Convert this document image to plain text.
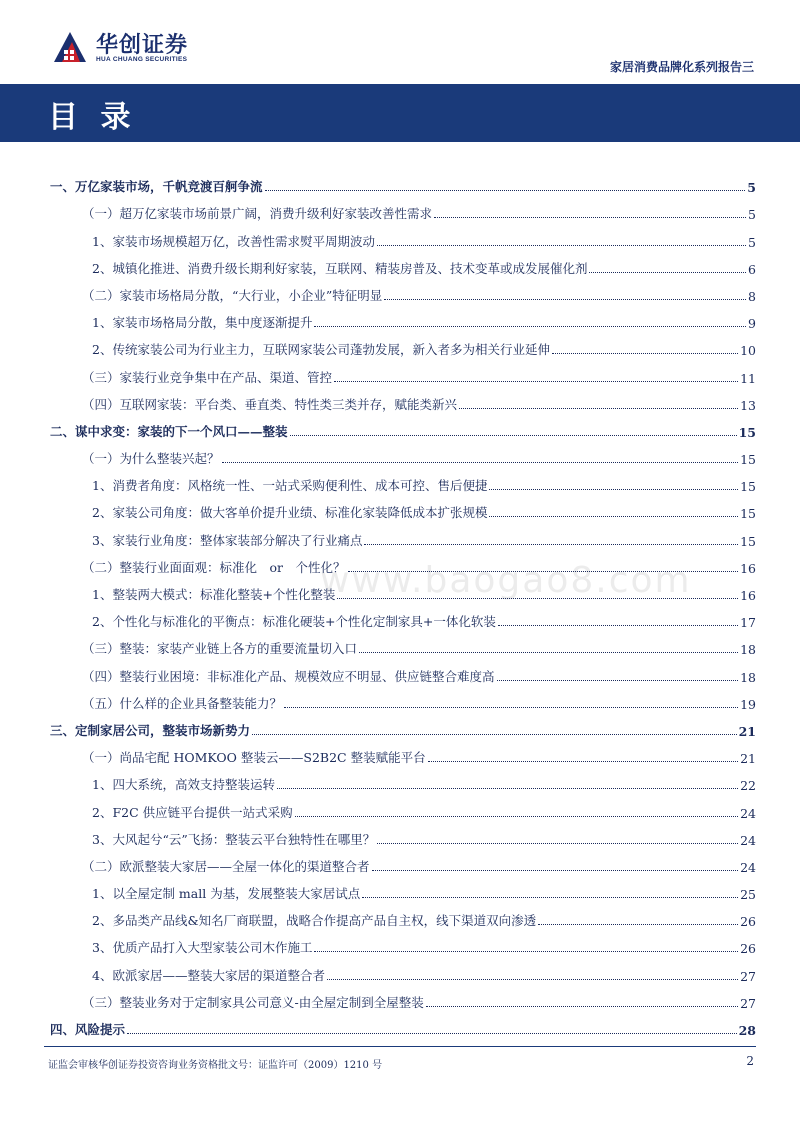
华创证券
HUA CHUANG SECURITIES
家居消费品牌化系列报告三
目 录
www.baogao8.com
一、万亿家装市场，千帆竞渡百舸争流	5
（一）超万亿家装市场前景广阔，消费升级利好家装改善性需求	5
1、家装市场规模超万亿，改善性需求熨平周期波动	5
2、城镇化推进、消费升级长期利好家装，互联网、精装房普及、技术变革或成发展催化剂	6
（二）家装市场格局分散，“大行业，小企业”特征明显	8
1、家装市场格局分散，集中度逐渐提升	9
2、传统家装公司为行业主力，互联网家装公司蓬勃发展，新入者多为相关行业延伸	10
（三）家装行业竞争集中在产品、渠道、管控	11
（四）互联网家装：平台类、垂直类、特性类三类并存，赋能类新兴	13
二、谋中求变：家装的下一个风口——整装	15
（一）为什么整装兴起？	15
1、消费者角度：风格统一性、一站式采购便利性、成本可控、售后便捷	15
2、家装公司角度：做大客单价提升业绩、标准化家装降低成本扩张规模	15
3、家装行业角度：整体家装部分解决了行业痛点	15
（二）整装行业面面观：标准化　or　个性化？	16
1、整装两大模式：标准化整装+个性化整装	16
2、个性化与标准化的平衡点：标准化硬装+个性化定制家具+一体化软装	17
（三）整装：家装产业链上各方的重要流量切入口	18
（四）整装行业困境：非标准化产品、规模效应不明显、供应链整合难度高	18
（五）什么样的企业具备整装能力？	19
三、定制家居公司，整装市场新势力	21
（一）尚品宅配 HOMKOO 整装云——S2B2C 整装赋能平台	21
1、四大系统，高效支持整装运转	22
2、F2C 供应链平台提供一站式采购	24
3、大风起兮“云”飞扬：整装云平台独特性在哪里？	24
（二）欧派整装大家居——全屋一体化的渠道整合者	24
1、以全屋定制 mall 为基，发展整装大家居试点	25
2、多品类产品线&知名厂商联盟，战略合作提高产品自主权，线下渠道双向渗透	26
3、优质产品打入大型家装公司木作施工	26
4、欧派家居——整装大家居的渠道整合者	27
（三）整装业务对于定制家具公司意义-由全屋定制到全屋整装	27
四、风险提示	28
证监会审核华创证券投资咨询业务资格批文号：证监许可（2009）1210 号	2
